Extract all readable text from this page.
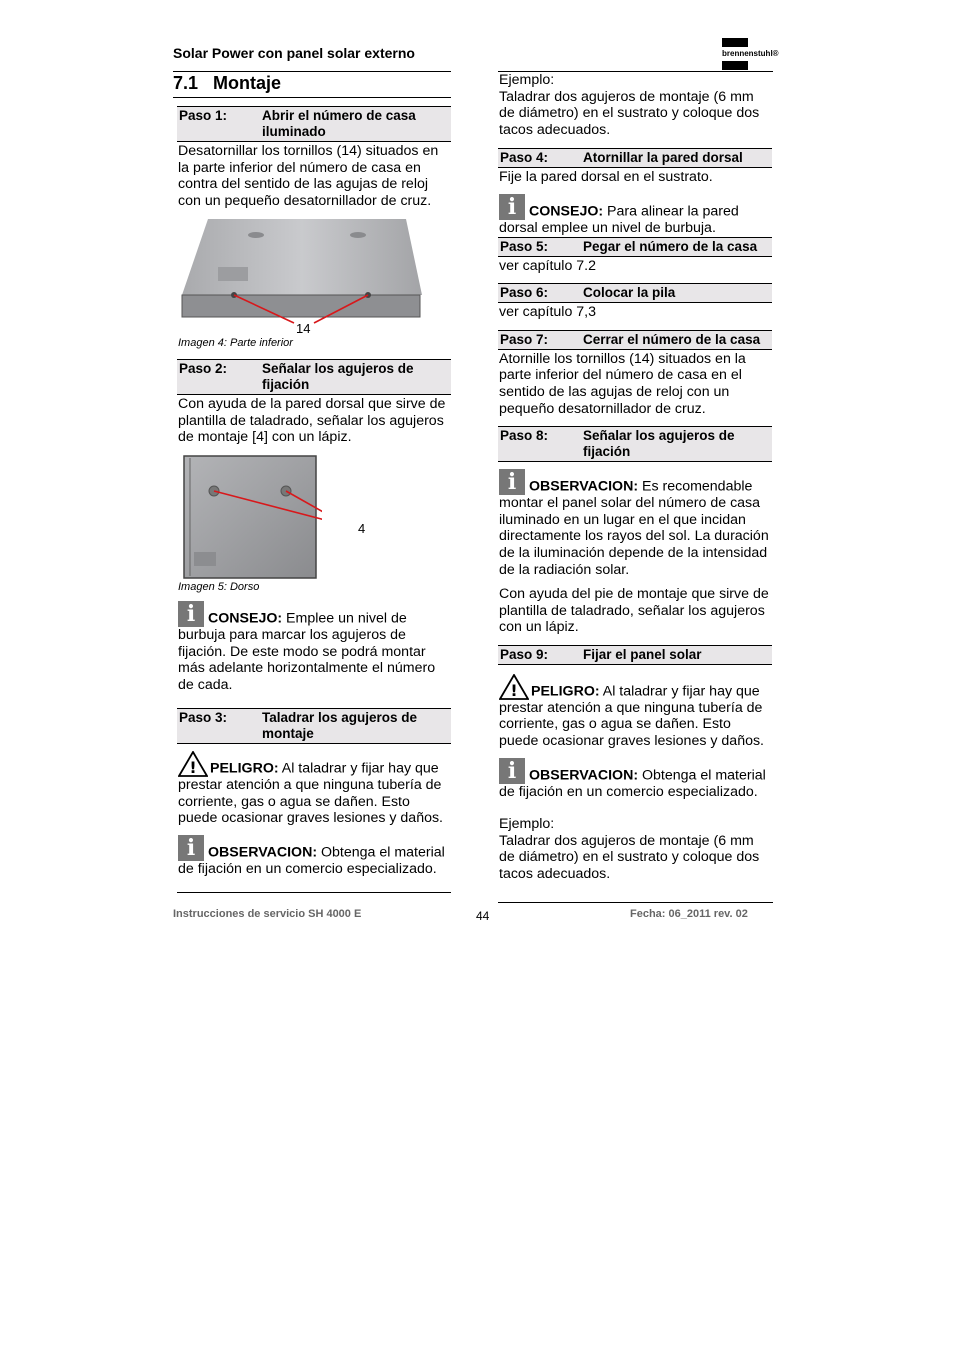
Solar Power con panel solar externo	brennenstuhl®
7.1 Montaje
Paso 1:	Abrir el número de casa iluminado
Desatornillar los tornillos (14) situados en la parte inferior del número de casa en contra del sentido de las agujas de reloj con un pequeño desatornillador de cruz.
14
Imagen 4: Parte inferior
Paso 2:	Señalar los agujeros de fijación
Con ayuda de la pared dorsal que sirve de plantilla de taladrado, señalar los agujeros de montaje [4] con un lápiz.
4
Imagen 5: Dorso
i CONSEJO: Emplee un nivel de burbuja para marcar los agujeros de fijación. De este modo se podrá montar más adelante horizontalmente el número de cada.
Paso 3:	Taladrar los agujeros de montaje
! PELIGRO: Al taladrar y fijar hay que prestar atención a que ninguna tubería de corriente, gas o agua se dañen. Esto puede ocasionar graves lesiones y daños.
i OBSERVACION: Obtenga el material de fijación en un comercio especializado.
Ejemplo:
Taladrar dos agujeros de montaje (6 mm de diámetro) en el sustrato y coloque dos tacos adecuados.
Paso 4:	Atornillar la pared dorsal
Fije la pared dorsal en el sustrato.
i CONSEJO: Para alinear la pared dorsal emplee un nivel de burbuja.
Paso 5:	Pegar el número de la casa
ver capítulo 7.2
Paso 6:	Colocar la pila
ver capítulo 7,3
Paso 7:	Cerrar el número de la casa
Atornille los tornillos (14) situados en la parte inferior del número de casa en el sentido de las agujas de reloj con un pequeño desatornillador de cruz.
Paso 8:	Señalar los agujeros de fijación
i OBSERVACION: Es recomendable montar el panel solar del número de casa iluminado en un lugar en el que incidan directamente los rayos del sol. La duración de la iluminación depende de la intensidad de la radiación solar.
Con ayuda del pie de montaje que sirve de plantilla de taladrado, señalar los agujeros con un lápiz.
Paso 9:	Fijar el panel solar
! PELIGRO: Al taladrar y fijar hay que prestar atención a que ninguna tubería de corriente, gas o agua se dañen. Esto puede ocasionar graves lesiones y daños.
i OBSERVACION: Obtenga el material de fijación en un comercio especializado.
Ejemplo:
Taladrar dos agujeros de montaje (6 mm de diámetro) en el sustrato y coloque dos tacos adecuados.
Instrucciones de servicio SH 4000 E	44	Fecha: 06_2011 rev. 02
